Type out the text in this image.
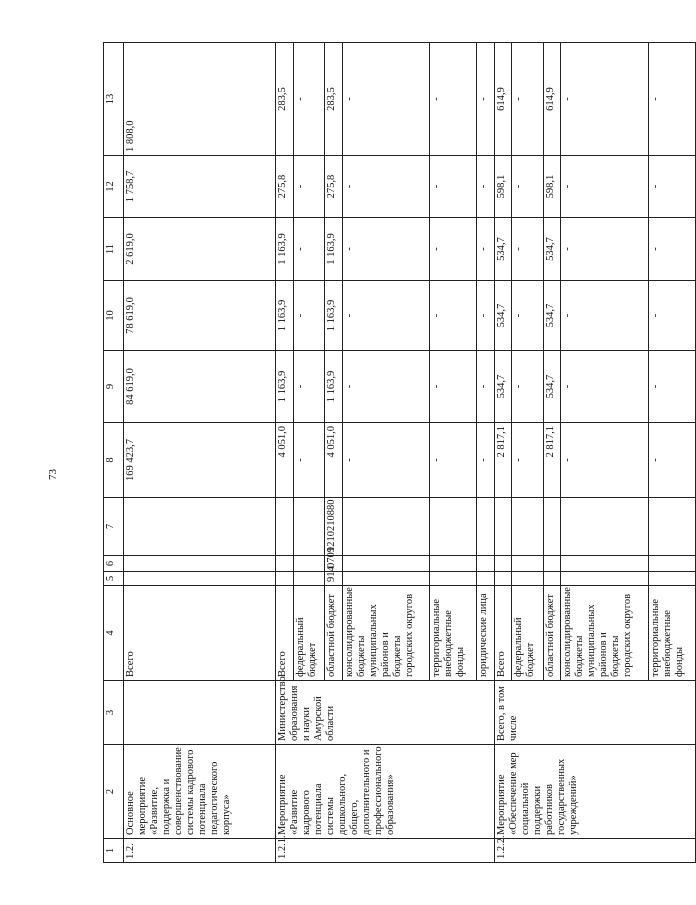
73
1	2	3	4	5	6	7	8	9	10	11	12	13
1.2.	Основное мероприятие «Развитие, поддержка и совершенствование системы кадрового потенциала педагогического корпуса»		Всего				169 423,7	84 619,0	78 619,0	2 619,0	1 758,7	1 808,0
1.2.1.	Мероприятие «Развитие кадрового потенциала системы дошкольного, общего, дополнительного и профессионального образования»	Министерство образования и науки Амурской области	Всего				4 051,0	1 163,9	1 163,9	1 163,9	275,8	283,5
			федеральный бюджет				-	-	-	-	-	-
			областной бюджет	914	0709	1210210880	4 051,0	1 163,9	1 163,9	1 163,9	275,8	283,5
			консолидированные бюджеты муниципальных районов и бюджеты городских округов				-	-	-	-	-	-
			территориальные внебюджетные фонды				-	-	-	-	-	-
			юридические лица				-	-	-	-	-	-
1.2.2.	Мероприятие «Обеспечение мер социальной поддержки работников государственных учреждений»	Всего, в том числе	Всего				2 817,1	534,7	534,7	534,7	598,1	614,9
			федеральный бюджет				-	-	-	-	-	-
			областной бюджет				2 817,1	534,7	534,7	534,7	598,1	614,9
			консолидированные бюджеты муниципальных районов и бюджеты городских округов				-	-	-	-	-	-
			территориальные внебюджетные фонды				-	-	-	-	-	-
